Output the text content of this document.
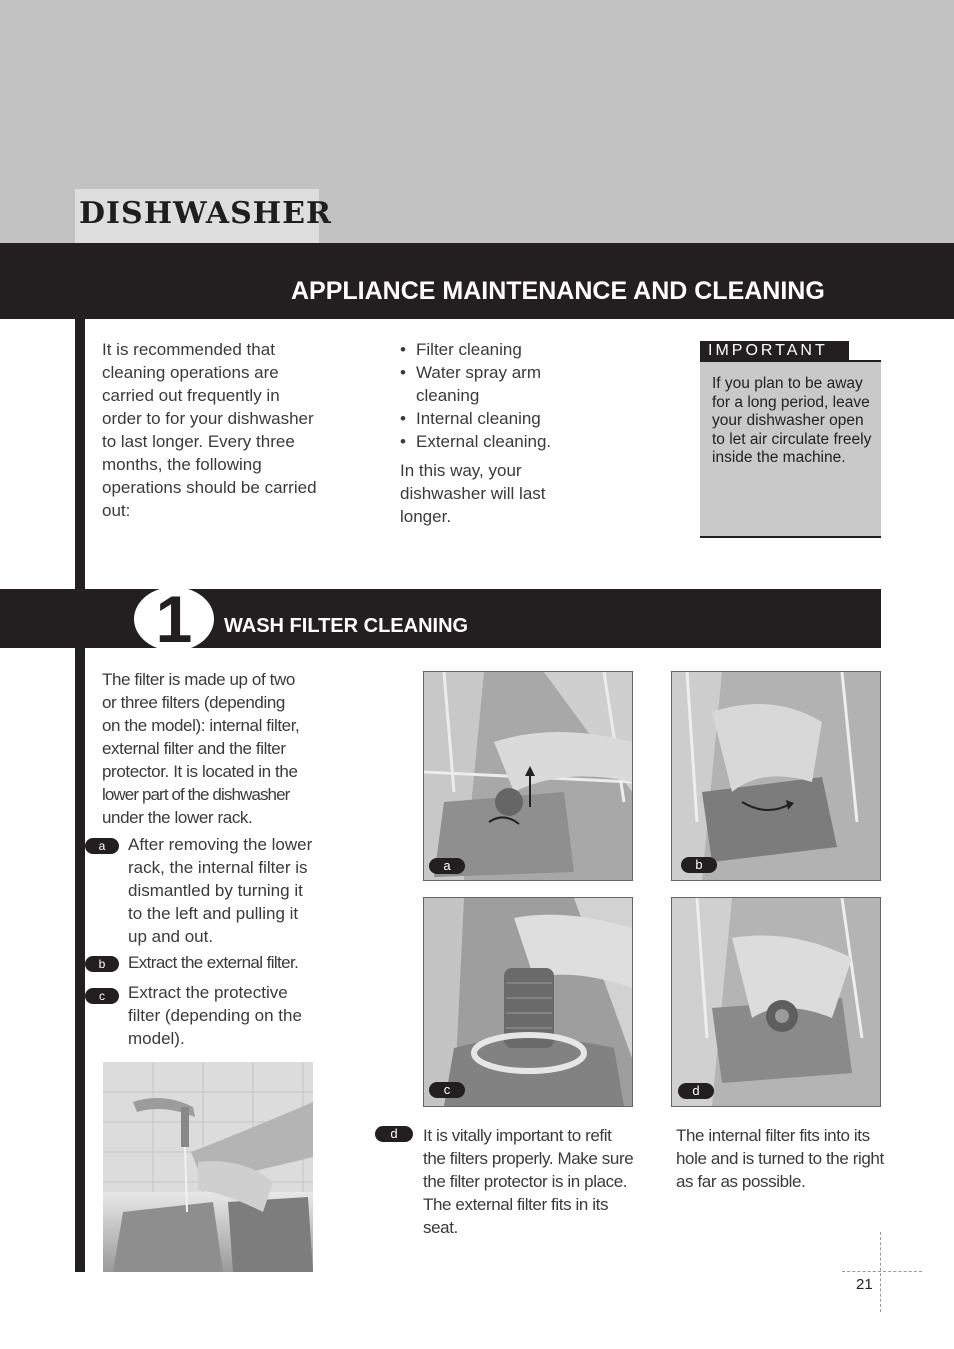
DISHWASHER
APPLIANCE MAINTENANCE AND CLEANING
It is recommended that cleaning operations are carried out frequently in order to for your dishwasher to last longer. Every three months, the following operations should be carried out:
• Filter cleaning
• Water spray arm cleaning
• Internal cleaning
• External cleaning.
In this way, your dishwasher will last longer.
IMPORTANT
If you plan to be away for a long period, leave your dishwasher open to let air circulate freely inside the machine.
1	WASH FILTER CLEANING
The filter is made up of two
or three filters (depending
on the model): internal filter,
external filter and the filter
protector. It is located in the
lower part of the dishwasher
under the lower rack.
a	After removing the lower rack, the internal filter is dismantled by turning it to the left and pulling it up and out.
b	Extract the external filter.
c	Extract the protective filter (depending on the model).
a	b
c	d
d	It is vitally important to refit the filters properly. Make sure the filter protector is in place. The external filter fits in its seat.
The internal filter fits into its hole and is turned to the right as far as possible.
21
